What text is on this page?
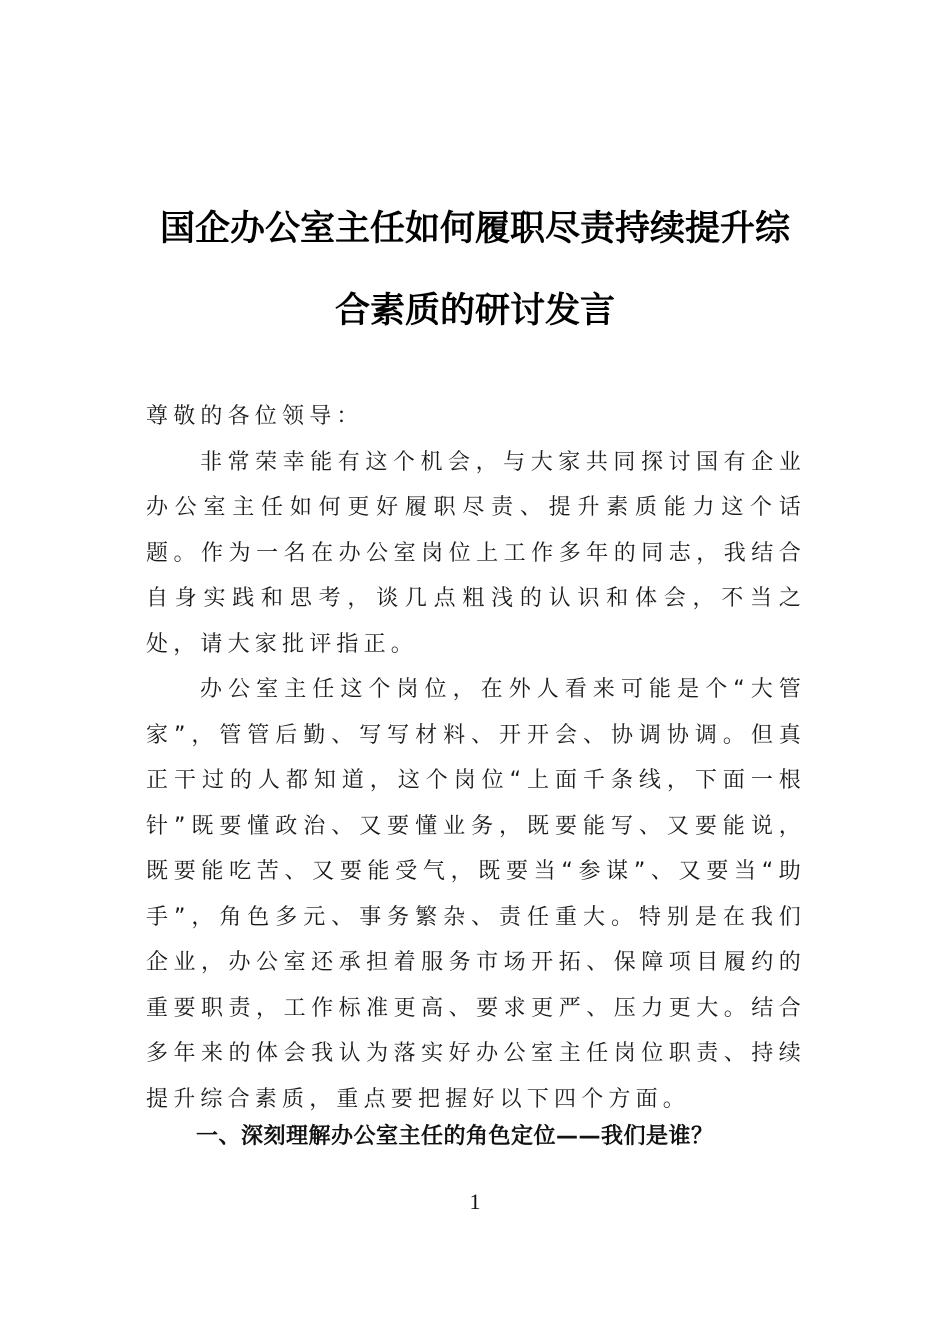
国企办公室主任如何履职尽责持续提升综
合素质的研讨发言

尊敬的各位领导：

非常荣幸能有这个机会，与大家共同探讨国有企业办公室主任如何更好履职尽责、提升素质能力这个话题。作为一名在办公室岗位上工作多年的同志，我结合自身实践和思考，谈几点粗浅的认识和体会，不当之处，请大家批评指正。

办公室主任这个岗位，在外人看来可能是个“大管家”，管管后勤、写写材料、开开会、协调协调。但真正干过的人都知道，这个岗位“上面千条线，下面一根针”既要懂政治、又要懂业务，既要能写、又要能说，既要能吃苦、又要能受气，既要当“参谋”、又要当“助手”，角色多元、事务繁杂、责任重大。特别是在我们企业，办公室还承担着服务市场开拓、保障项目履约的重要职责，工作标准更高、要求更严、压力更大。结合多年来的体会我认为落实好办公室主任岗位职责、持续提升综合素质，重点要把握好以下四个方面。

一、深刻理解办公室主任的角色定位——我们是谁？
1
